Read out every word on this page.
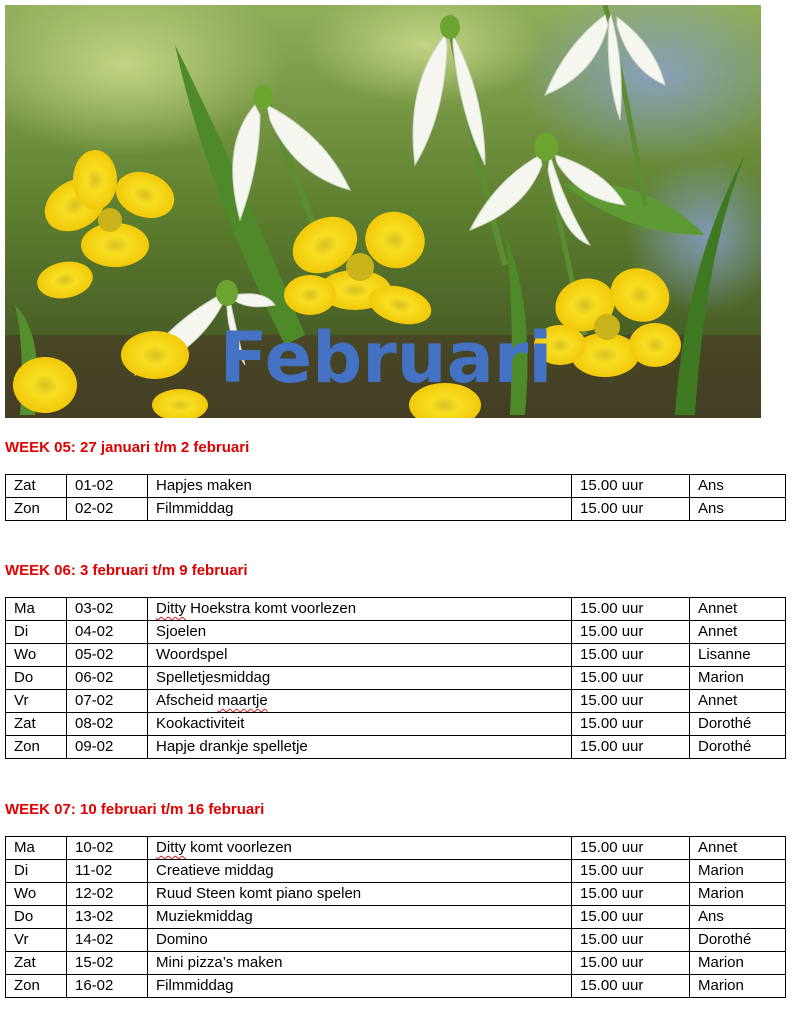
Februari
WEEK 05: 27 januari t/m 2 februari
Zat	01-02	Hapjes maken	15.00 uur	Ans
Zon	02-02	Filmmiddag	15.00 uur	Ans
WEEK 06: 3 februari t/m 9 februari
Ma	03-02	Ditty Hoekstra komt voorlezen	15.00 uur	Annet
Di	04-02	Sjoelen	15.00 uur	Annet
Wo	05-02	Woordspel	15.00 uur	Lisanne
Do	06-02	Spelletjesmiddag	15.00 uur	Marion
Vr	07-02	Afscheid maartje	15.00 uur	Annet
Zat	08-02	Kookactiviteit	15.00 uur	Dorothé
Zon	09-02	Hapje drankje spelletje	15.00 uur	Dorothé
WEEK 07: 10 februari t/m 16 februari
Ma	10-02	Ditty komt voorlezen	15.00 uur	Annet
Di	11-02	Creatieve middag	15.00 uur	Marion
Wo	12-02	Ruud Steen komt piano spelen	15.00 uur	Marion
Do	13-02	Muziekmiddag	15.00 uur	Ans
Vr	14-02	Domino	15.00 uur	Dorothé
Zat	15-02	Mini pizza’s maken	15.00 uur	Marion
Zon	16-02	Filmmiddag	15.00 uur	Marion
